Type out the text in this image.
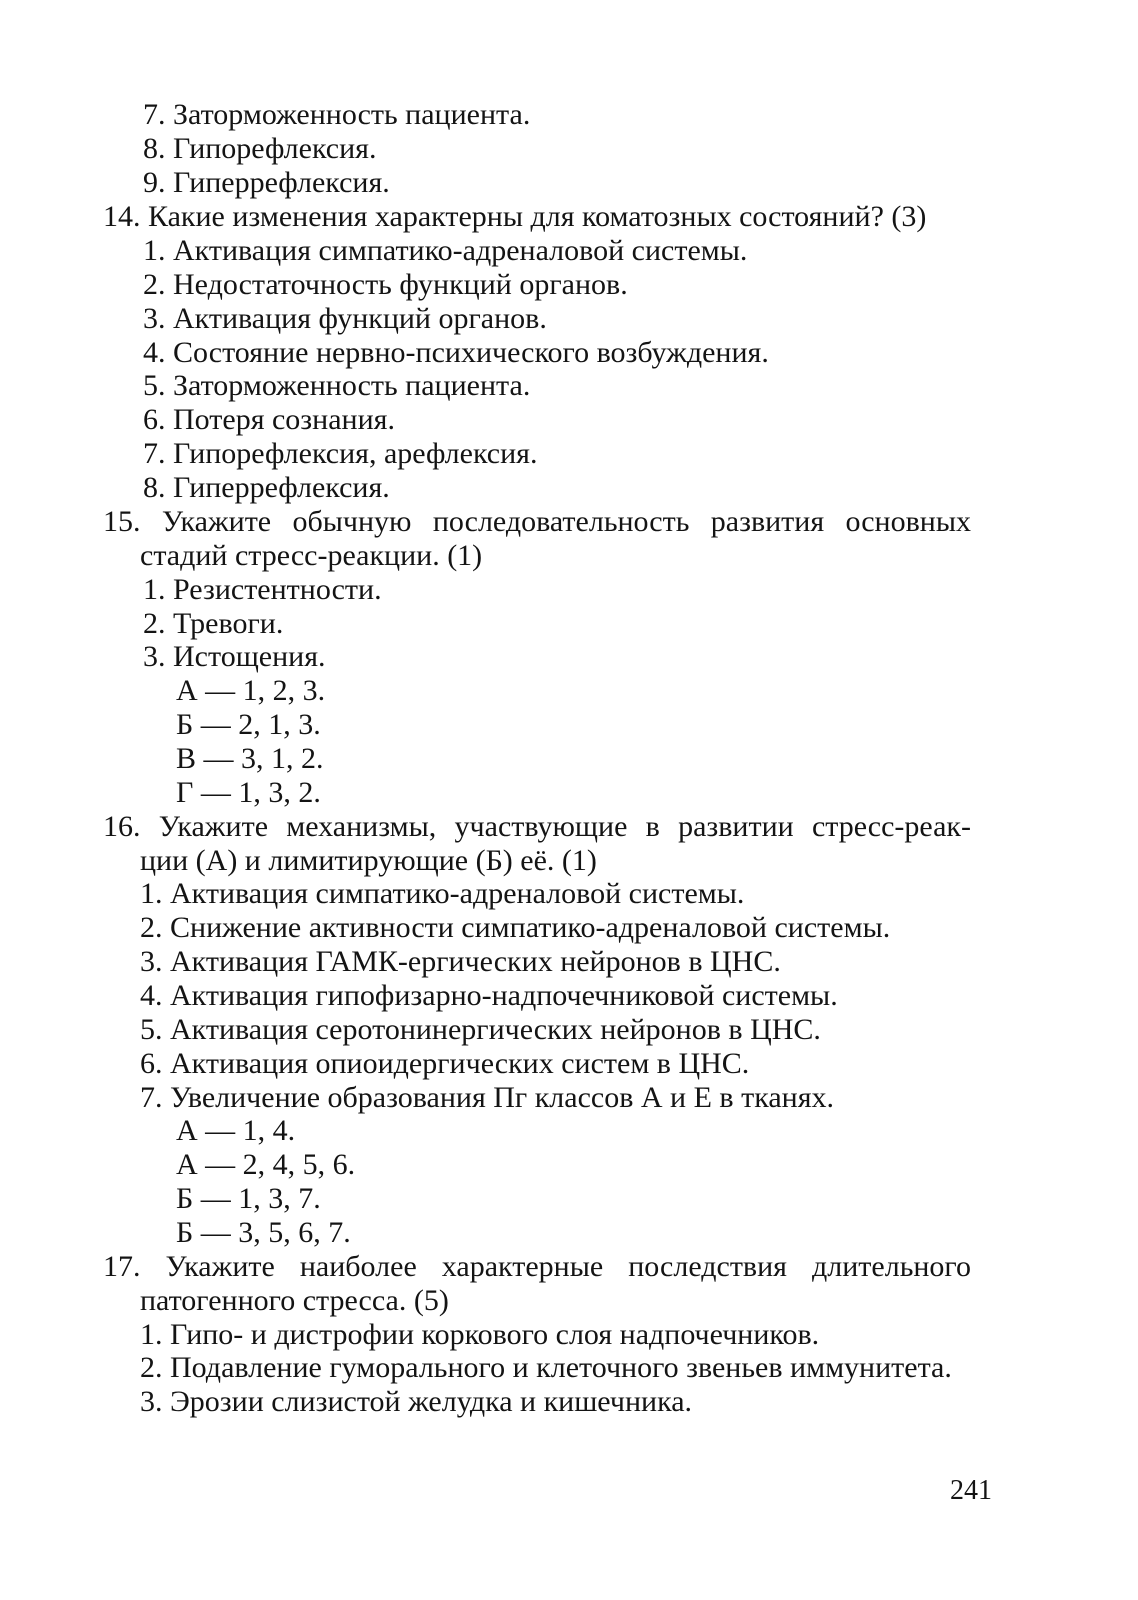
7. Заторможенность пациента.
8. Гипорефлексия.
9. Гиперрефлексия.
14. Какие изменения характерны для коматозных состояний? (3)
1. Активация симпатико-адреналовой системы.
2. Недостаточность функций органов.
3. Активация функций органов.
4. Состояние нервно-психического возбуждения.
5. Заторможенность пациента.
6. Потеря сознания.
7. Гипорефлексия, арефлексия.
8. Гиперрефлексия.
15. Укажите обычную последовательность развития основных
стадий стресс-реакции. (1)
1. Резистентности.
2. Тревоги.
3. Истощения.
А — 1, 2, 3.
Б — 2, 1, 3.
В — 3, 1, 2.
Г — 1, 3, 2.
16. Укажите механизмы, участвующие в развитии стресс-реак-
ции (А) и лимитирующие (Б) её. (1)
1. Активация симпатико-адреналовой системы.
2. Снижение активности симпатико-адреналовой системы.
3. Активация ГАМК-ергических нейронов в ЦНС.
4. Активация гипофизарно-надпочечниковой системы.
5. Активация серотонинергических нейронов в ЦНС.
6. Активация опиоидергических систем в ЦНС.
7. Увеличение образования Пг классов А и Е в тканях.
А — 1, 4.
А — 2, 4, 5, 6.
Б — 1, 3, 7.
Б — 3, 5, 6, 7.
17. Укажите наиболее характерные последствия длительного
патогенного стресса. (5)
1. Гипо- и дистрофии коркового слоя надпочечников.
2. Подавление гуморального и клеточного звеньев иммунитета.
3. Эрозии слизистой желудка и кишечника.
241
